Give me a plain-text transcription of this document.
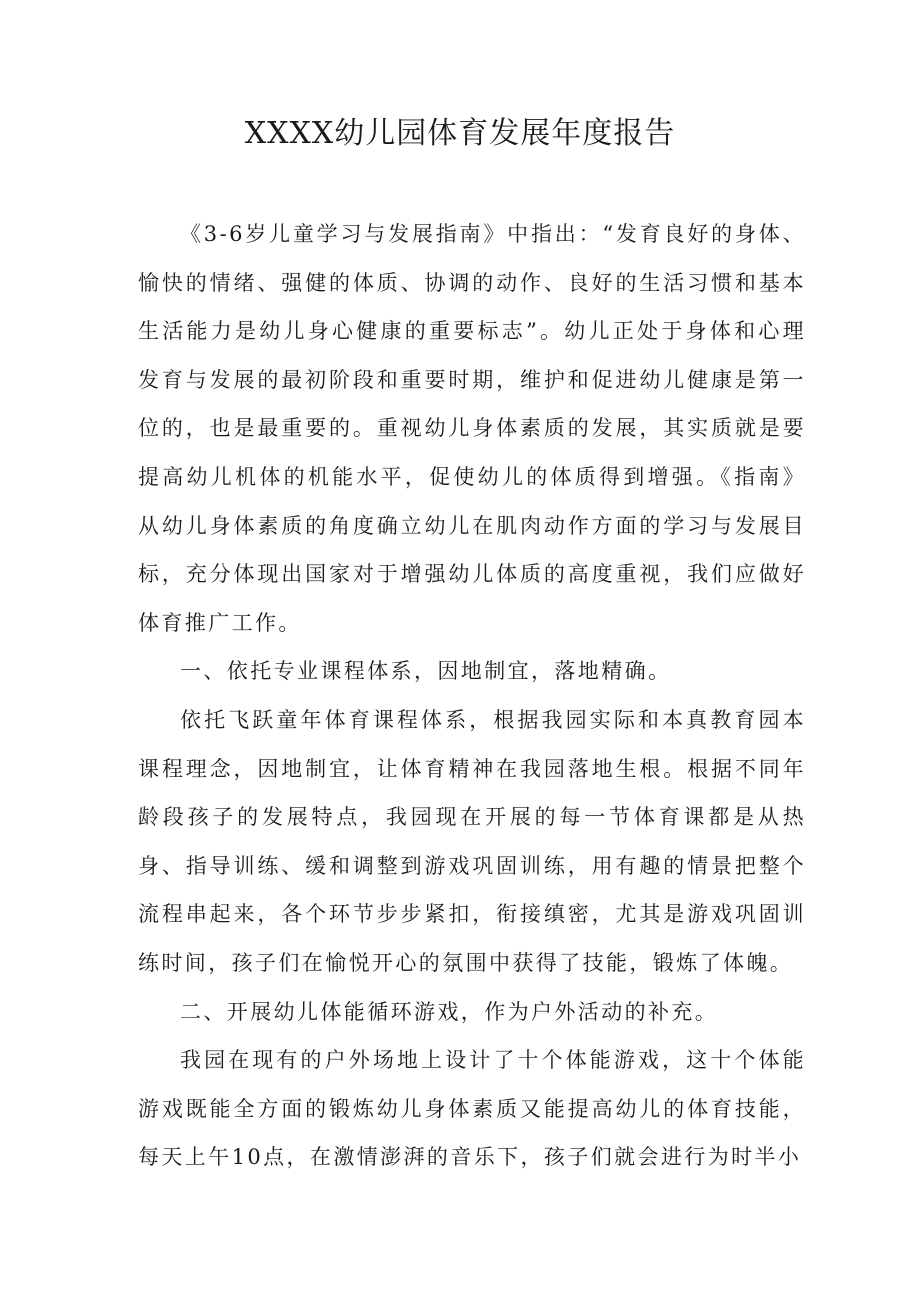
XXXX幼儿园体育发展年度报告

《3-6岁儿童学习与发展指南》中指出：“发育良好的身体、愉快的情绪、强健的体质、协调的动作、良好的生活习惯和基本生活能力是幼儿身心健康的重要标志”。幼儿正处于身体和心理发育与发展的最初阶段和重要时期，维护和促进幼儿健康是第一位的，也是最重要的。重视幼儿身体素质的发展，其实质就是要提高幼儿机体的机能水平，促使幼儿的体质得到增强。《指南》从幼儿身体素质的角度确立幼儿在肌肉动作方面的学习与发展目标，充分体现出国家对于增强幼儿体质的高度重视，我们应做好体育推广工作。

一、依托专业课程体系，因地制宜，落地精确。

依托飞跃童年体育课程体系，根据我园实际和本真教育园本课程理念，因地制宜，让体育精神在我园落地生根。根据不同年龄段孩子的发展特点，我园现在开展的每一节体育课都是从热身、指导训练、缓和调整到游戏巩固训练，用有趣的情景把整个流程串起来，各个环节步步紧扣，衔接缜密，尤其是游戏巩固训练时间，孩子们在愉悦开心的氛围中获得了技能，锻炼了体魄。

二、开展幼儿体能循环游戏，作为户外活动的补充。

我园在现有的户外场地上设计了十个体能游戏，这十个体能游戏既能全方面的锻炼幼儿身体素质又能提高幼儿的体育技能，每天上午10点，在激情澎湃的音乐下，孩子们就会进行为时半小
